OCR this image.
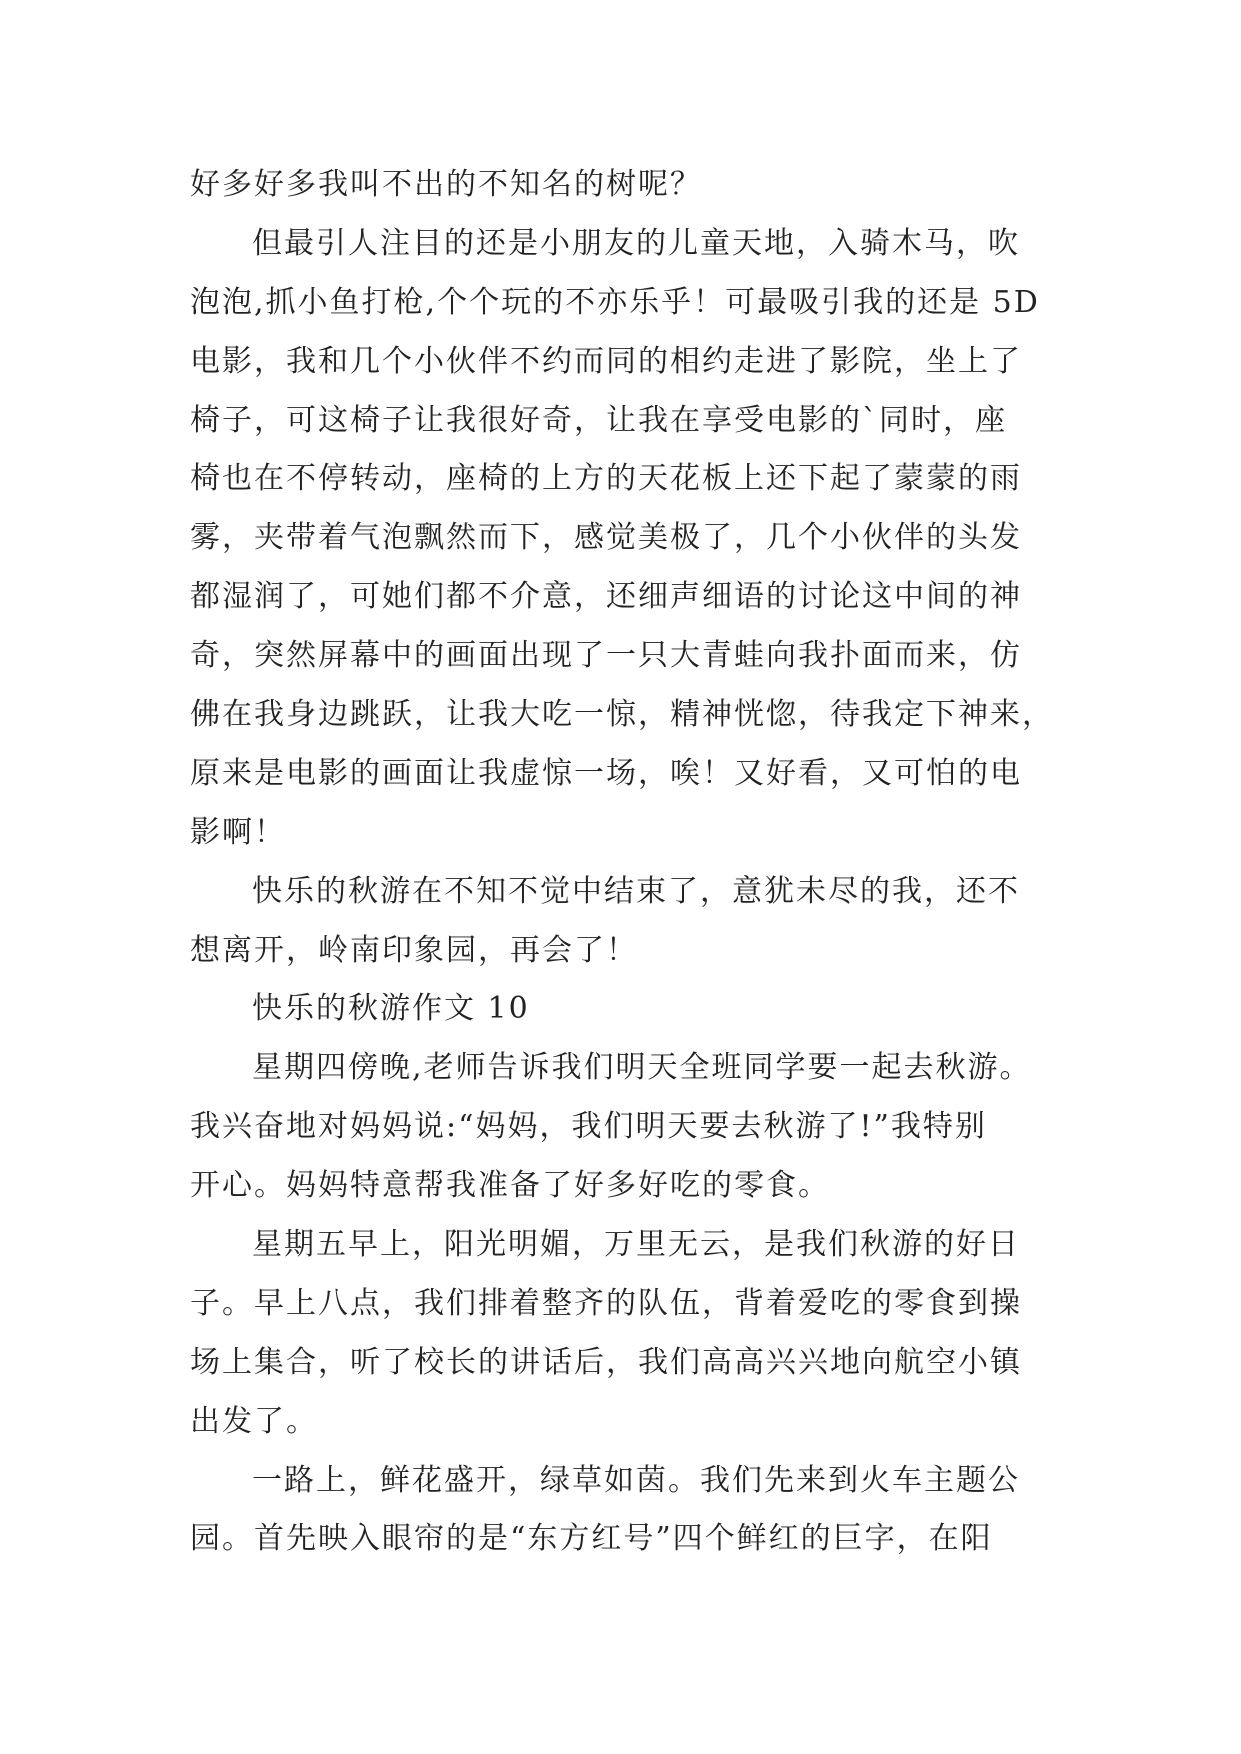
好多好多我叫不出的不知名的树呢？
但最引人注目的还是小朋友的儿童天地，入骑木马，吹
泡泡,抓小鱼打枪,个个玩的不亦乐乎！可最吸引我的还是 5D
电影，我和几个小伙伴不约而同的相约走进了影院，坐上了
椅子，可这椅子让我很好奇，让我在享受电影的`同时，座
椅也在不停转动，座椅的上方的天花板上还下起了蒙蒙的雨
雾，夹带着气泡飘然而下，感觉美极了，几个小伙伴的头发
都湿润了，可她们都不介意，还细声细语的讨论这中间的神
奇，突然屏幕中的画面出现了一只大青蛙向我扑面而来，仿
佛在我身边跳跃，让我大吃一惊，精神恍惚，待我定下神来，
原来是电影的画面让我虚惊一场，唉！又好看，又可怕的电
影啊！
快乐的秋游在不知不觉中结束了，意犹未尽的我，还不
想离开，岭南印象园，再会了！
快乐的秋游作文 10
星期四傍晚,老师告诉我们明天全班同学要一起去秋游。
我兴奋地对妈妈说:“妈妈，我们明天要去秋游了!”我特别
开心。妈妈特意帮我准备了好多好吃的零食。
星期五早上，阳光明媚，万里无云，是我们秋游的好日
子。早上八点，我们排着整齐的队伍，背着爱吃的零食到操
场上集合，听了校长的讲话后，我们高高兴兴地向航空小镇
出发了。
一路上，鲜花盛开，绿草如茵。我们先来到火车主题公
园。首先映入眼帘的是“东方红号”四个鲜红的巨字，在阳
